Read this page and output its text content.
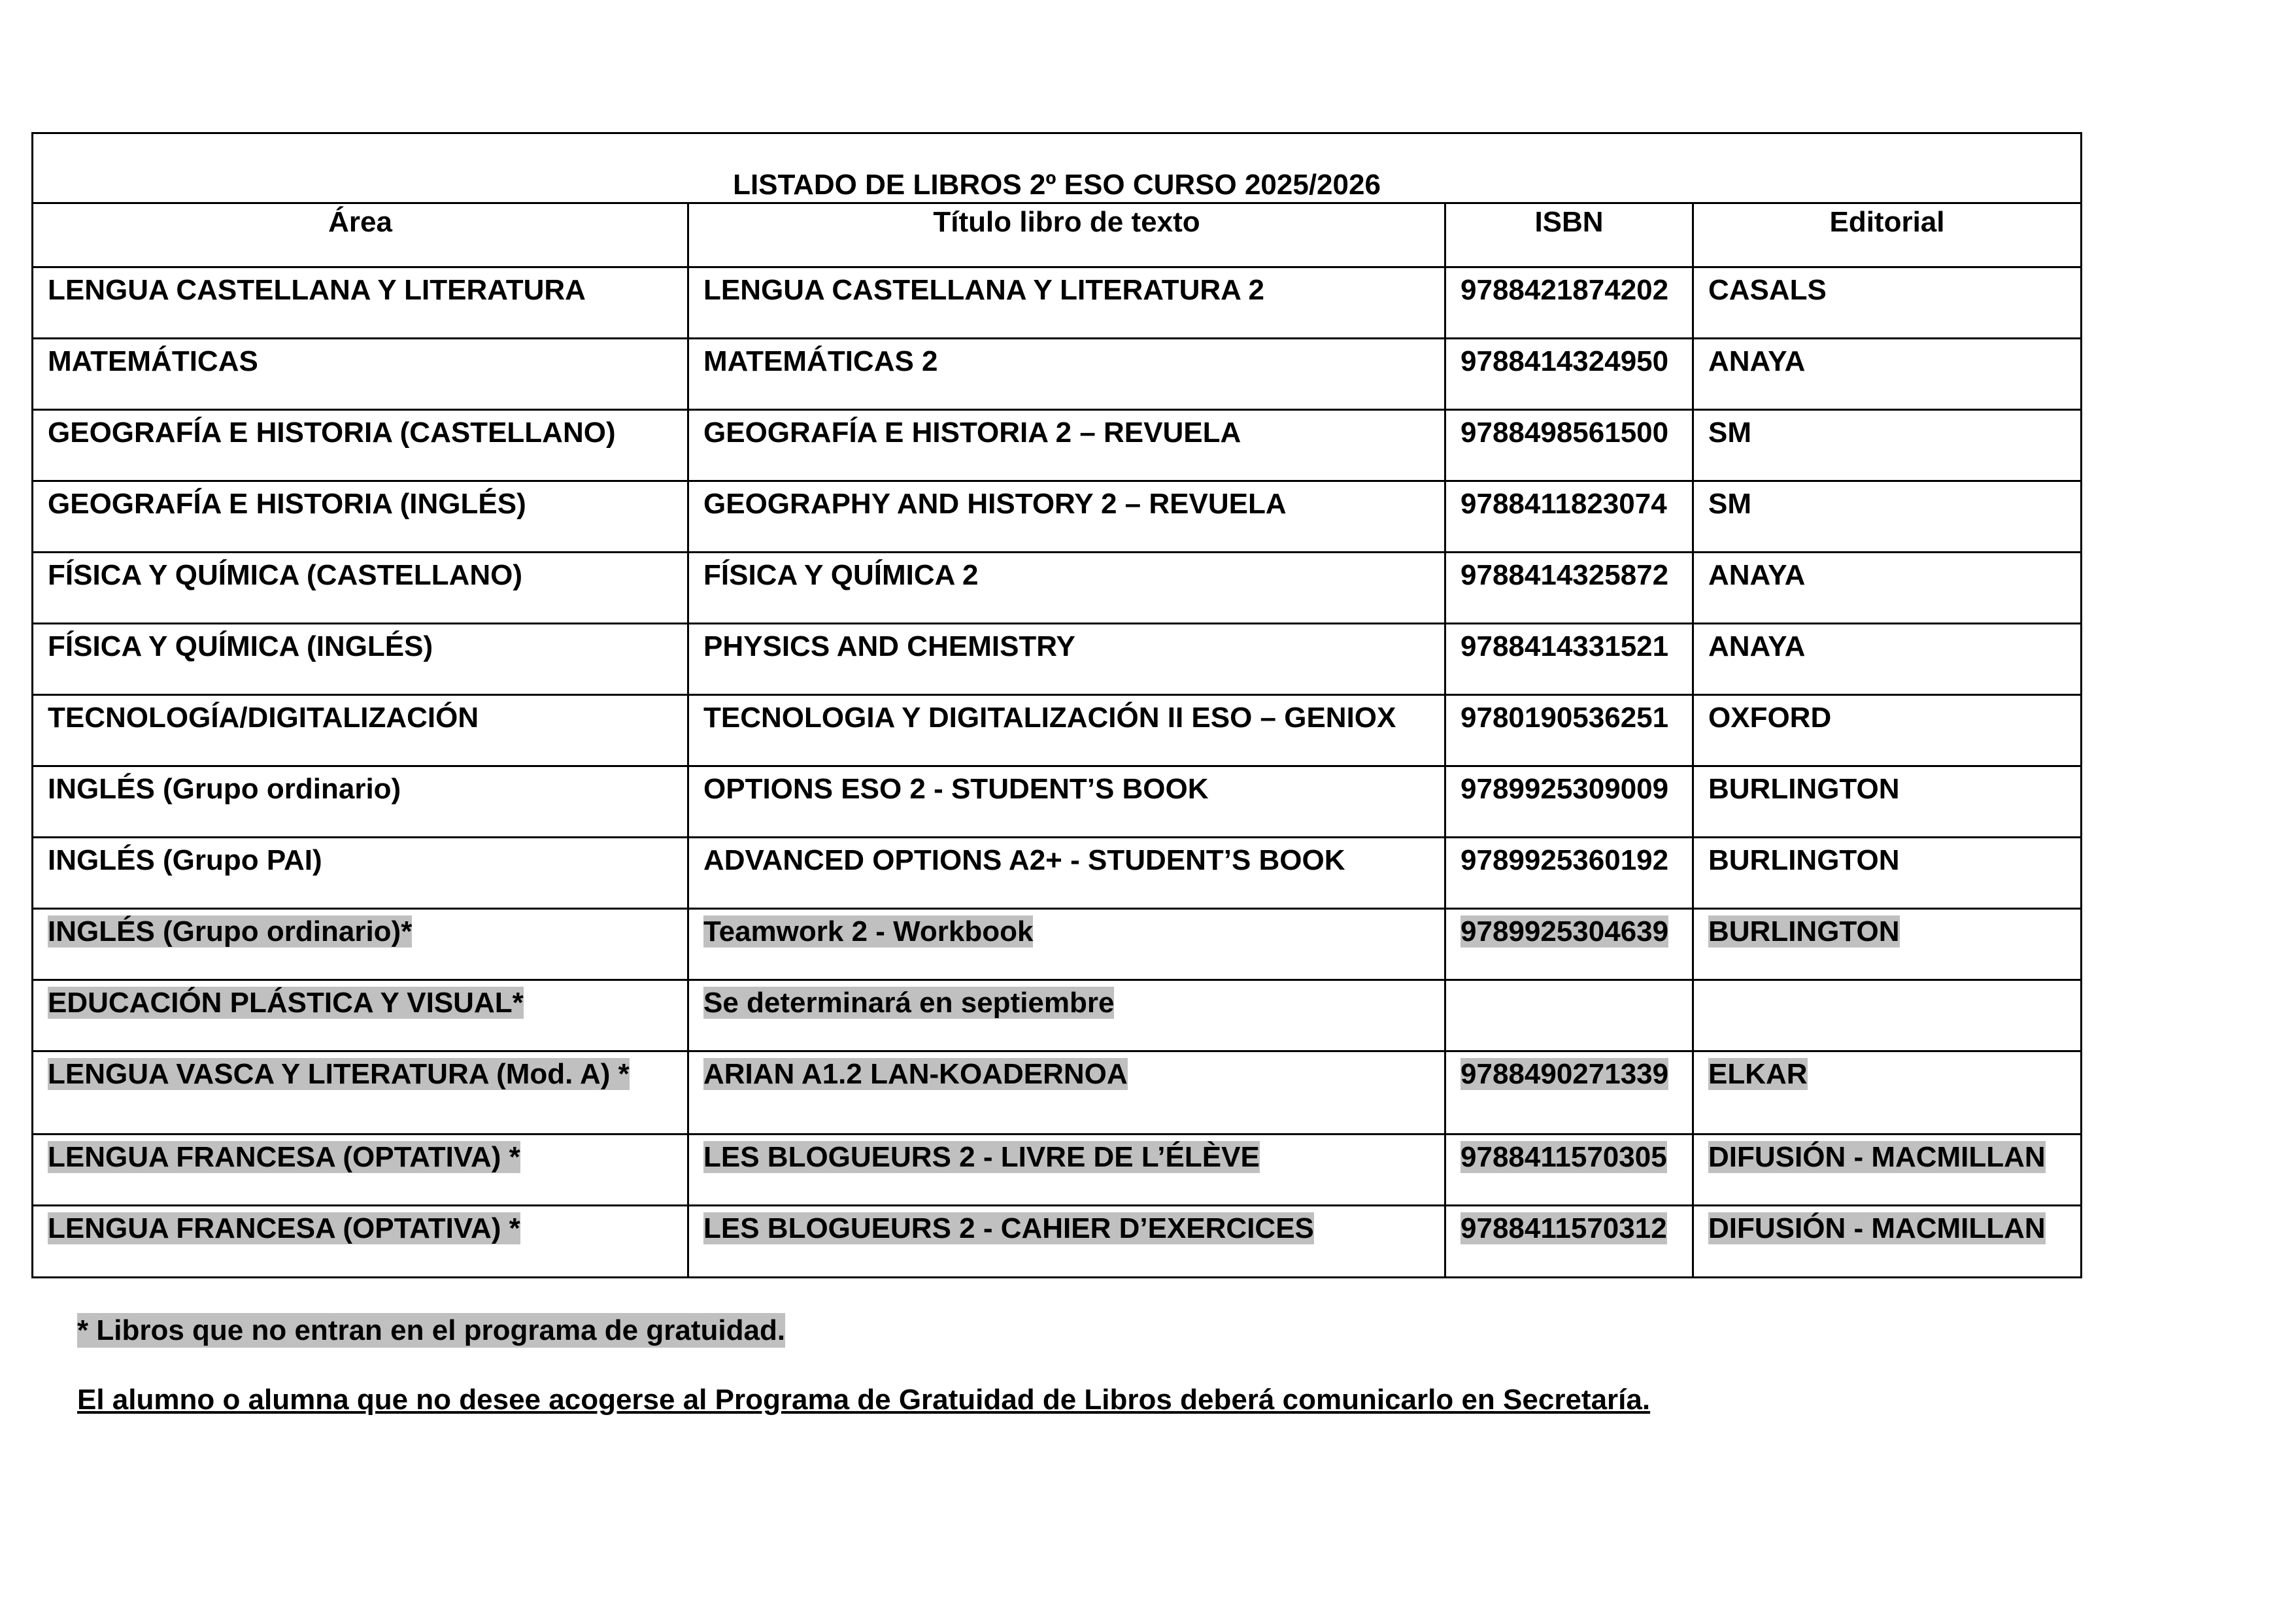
LISTADO DE LIBROS 2º ESO CURSO 2025/2026			
Área	Título libro de texto	ISBN	Editorial
LENGUA CASTELLANA Y LITERATURA	LENGUA CASTELLANA Y LITERATURA 2	9788421874202	CASALS
MATEMÁTICAS	MATEMÁTICAS 2	9788414324950	ANAYA
GEOGRAFÍA E HISTORIA (CASTELLANO)	GEOGRAFÍA E HISTORIA 2 – REVUELA	9788498561500	SM
GEOGRAFÍA E HISTORIA (INGLÉS)	GEOGRAPHY AND HISTORY 2 – REVUELA	9788411823074	SM
FÍSICA Y QUÍMICA (CASTELLANO)	FÍSICA Y QUÍMICA 2	9788414325872	ANAYA
FÍSICA Y QUÍMICA (INGLÉS)	PHYSICS AND CHEMISTRY	9788414331521	ANAYA
TECNOLOGÍA/DIGITALIZACIÓN	TECNOLOGIA Y DIGITALIZACIÓN II ESO – GENIOX	9780190536251	OXFORD
INGLÉS (Grupo ordinario)	OPTIONS ESO 2 - STUDENT’S BOOK	9789925309009	BURLINGTON
INGLÉS (Grupo PAI)	ADVANCED OPTIONS A2+ - STUDENT’S BOOK	9789925360192	BURLINGTON
INGLÉS (Grupo ordinario)*	Teamwork 2 - Workbook	9789925304639	BURLINGTON
EDUCACIÓN PLÁSTICA Y VISUAL*	Se determinará en septiembre		
LENGUA VASCA Y LITERATURA (Mod. A) *	ARIAN A1.2 LAN-KOADERNOA	9788490271339	ELKAR
LENGUA FRANCESA (OPTATIVA) *	LES BLOGUEURS 2 - LIVRE DE L’ÉLÈVE	9788411570305	DIFUSIÓN - MACMILLAN
LENGUA FRANCESA (OPTATIVA) *	LES BLOGUEURS 2 - CAHIER D’EXERCICES	9788411570312	DIFUSIÓN - MACMILLAN
* Libros que no entran en el programa de gratuidad.
El alumno o alumna que no desee acogerse al Programa de Gratuidad de Libros deberá comunicarlo en Secretaría.
